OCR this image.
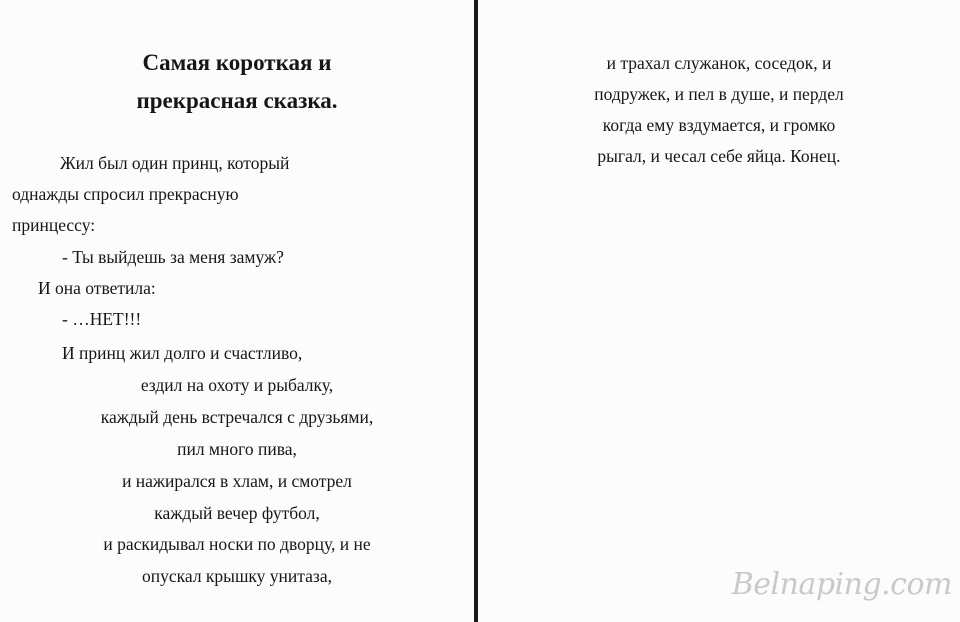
Самая короткая и
прекрасная сказка.
Жил был один принц, который
однажды спросил прекрасную
принцессу:
- Ты выйдешь за меня замуж?
И она ответила:
- …НЕТ!!!
И принц жил долго и счастливо,
ездил на охоту и рыбалку,
каждый день встречался с друзьями,
пил много пива,
и нажирался в хлам, и смотрел
каждый вечер футбол,
и раскидывал носки по дворцу, и не
опускал крышку унитаза,
и трахал служанок, соседок, и
подружек, и пел в душе, и пердел
когда ему вздумается, и громко
рыгал, и чесал себе яйца. Конец.
Belnaping.com
